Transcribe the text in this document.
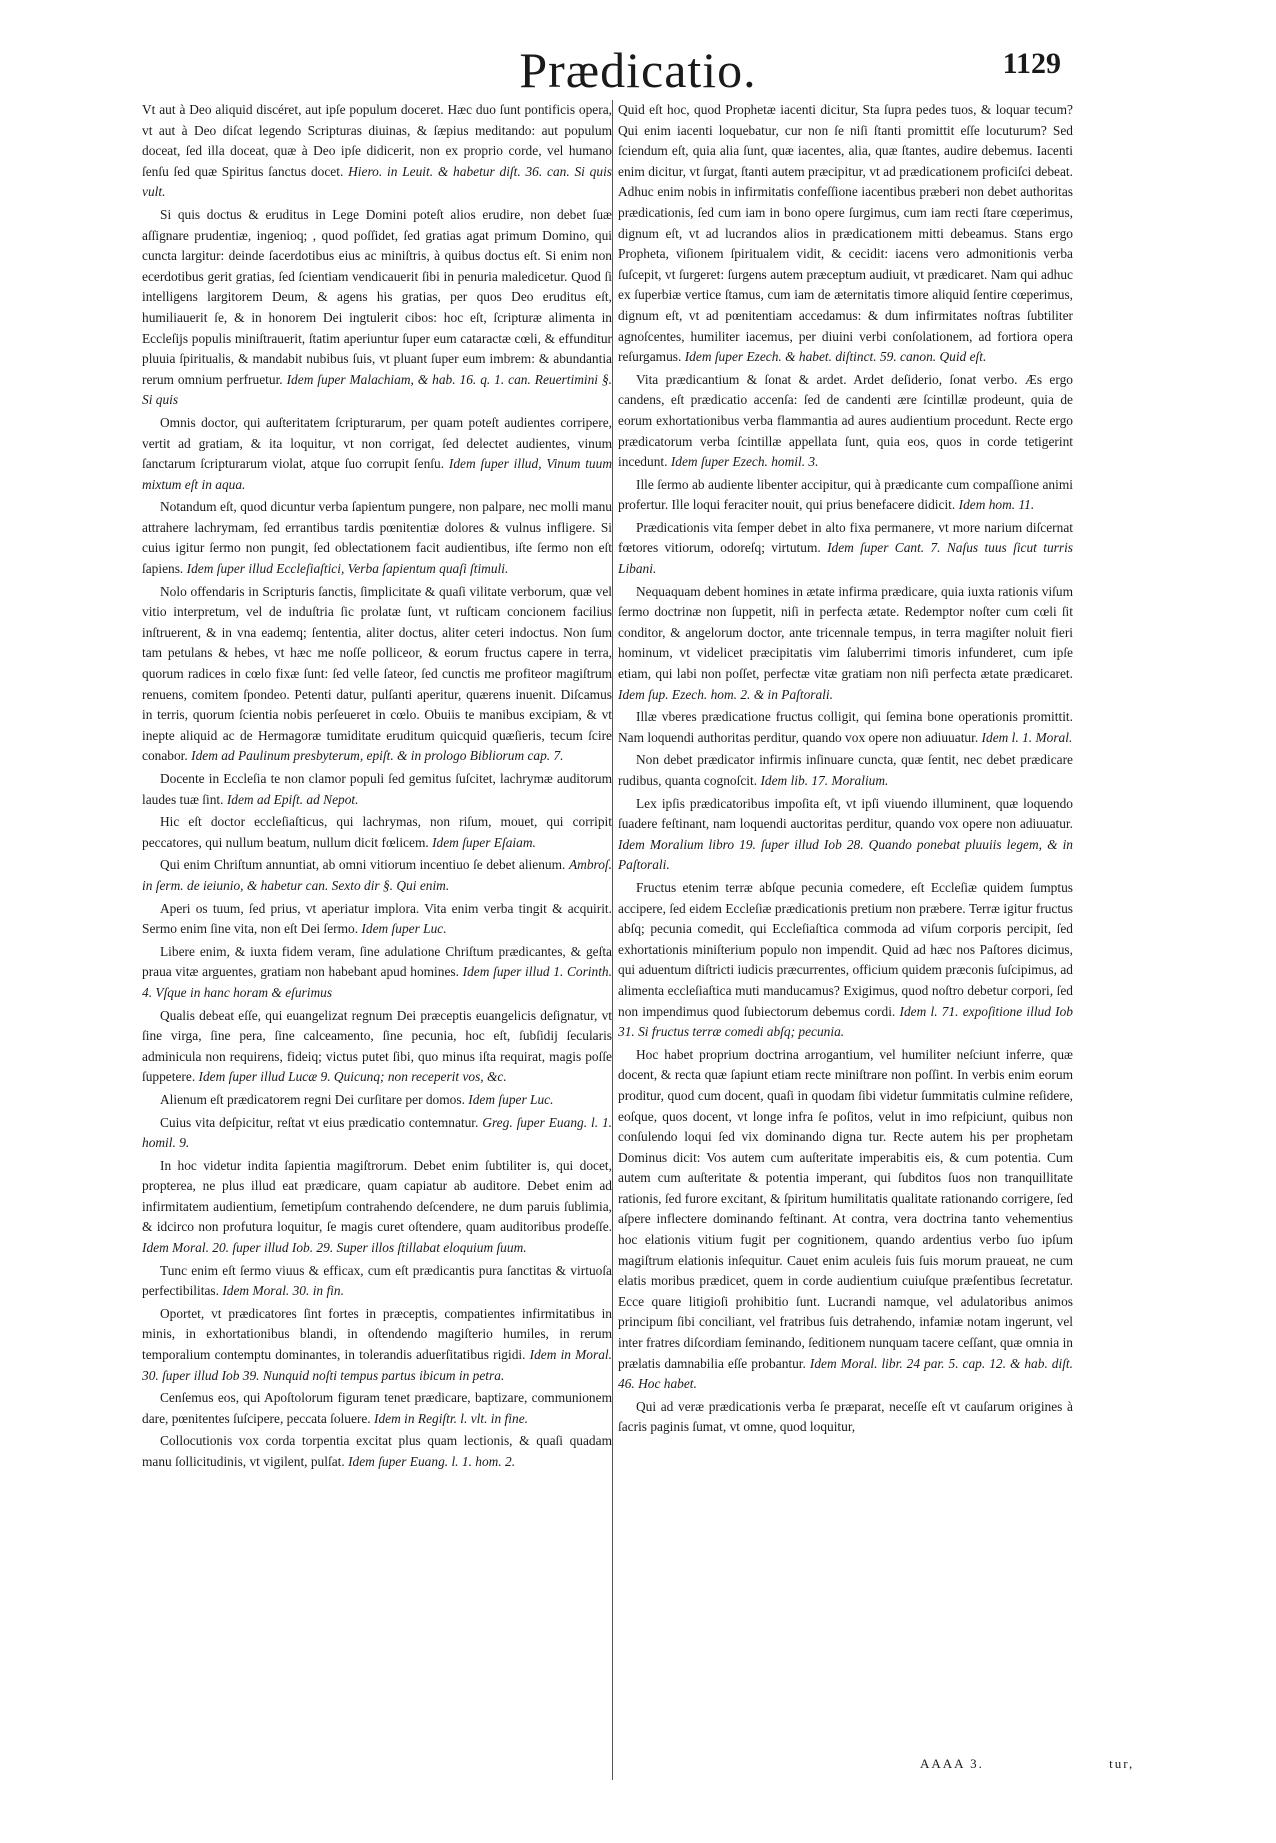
Prædicatio.	1129

Vt aut à Deo aliquid discéret, aut ipſe populum doceret. Hæc duo ſunt pontificis opera, vt aut à Deo diſcat legendo Scripturas diuinas, & ſæpius meditando: aut populum doceat, ſed illa doceat, quæ à Deo ipſe didicerit, non ex proprio corde, vel humano ſenſu ſed quæ Spiritus ſanctus docet. Hiero. in Leuit. & habetur diſt. 36. can. Si quis vult.

Si quis doctus & eruditus in Lege Domini poteſt alios erudire, non debet ſuæ aſſignare prudentiæ, ingenioq; , quod poſſidet, ſed gratias agat primum Domino, qui cuncta largitur: deinde ſacerdotibus eius ac miniſtris, à quibus doctus eſt. Si enim non ecerdotibus gerit gratias, ſed ſcientiam vendicauerit ſibi in penuria maledicetur. Quod ſi intelligens largitorem Deum, & agens his gratias, per quos Deo eruditus eſt, humiliauerit ſe, & in honorem Dei ingtulerit cibos: hoc eſt, ſcripturæ alimenta in Eccleſijs populis miniſtrauerit, ſtatim aperiuntur ſuper eum cataractæ cœli, & effunditur pluuia ſpiritualis, & mandabit nubibus ſuis, vt pluant ſuper eum imbrem: & abundantia rerum omnium perfruetur. Idem ſuper Malachiam, & hab. 16. q. 1. can. Reuertimini §. Si quis

Omnis doctor, qui auſteritatem ſcripturarum, per quam poteſt audientes corripere, vertit ad gratiam, & ita loquitur, vt non corrigat, ſed delectet audientes, vinum ſanctarum ſcripturarum violat, atque ſuo corrupit ſenſu. Idem ſuper illud, Vinum tuum mixtum eſt in aqua.

Notandum eſt, quod dicuntur verba ſapientum pungere, non palpare, nec molli manu attrahere lachrymam, ſed errantibus tardis pœnitentiæ dolores & vulnus infligere. Si cuius igitur ſermo non pungit, ſed oblectationem facit audientibus, iſte ſermo non eſt ſapiens. Idem ſuper illud Eccleſiaſtici, Verba ſapientum quaſi ſtimuli.

Nolo offendaris in Scripturis ſanctis, ſimplicitate & quaſi vilitate verborum, quæ vel vitio interpretum, vel de induſtria ſic prolatæ ſunt, vt ruſticam concionem facilius inſtruerent, & in vna eademq; ſententia, aliter doctus, aliter ceteri indoctus. Non ſum tam petulans & hebes, vt hæc me noſſe polliceor, & eorum fructus capere in terra, quorum radices in cœlo fixæ ſunt: ſed velle ſateor, ſed cunctis me profiteor magiſtrum renuens, comitem ſpondeo. Petenti datur, pulſanti aperitur, quærens inuenit. Diſcamus in terris, quorum ſcientia nobis perſeueret in cœlo. Obuiis te manibus excipiam, & vt inepte aliquid ac de Hermagoræ tumiditate eruditum quicquid quæſieris, tecum ſcire conabor. Idem ad Paulinum presbyterum, epiſt. & in prologo Bibliorum cap. 7.

Docente in Eccleſia te non clamor populi ſed gemitus ſuſcitet, lachrymæ auditorum laudes tuæ ſint. Idem ad Epiſt. ad Nepot.

Hic eſt doctor eccleſiaſticus, qui lachrymas, non riſum, mouet, qui corripit peccatores, qui nullum beatum, nullum dicit fœlicem. Idem ſuper Eſaiam.

Qui enim Chriſtum annuntiat, ab omni vitiorum incentiuo ſe debet alienum. Ambroſ. in ſerm. de ieiunio, & habetur can. Sexto dir §. Qui enim.

Aperi os tuum, ſed prius, vt aperiatur implora. Vita enim verba tingit & acquirit. Sermo enim ſine vita, non eſt Dei ſermo. Idem ſuper Luc.

Libere enim, & iuxta fidem veram, ſine adulatione Chriſtum prædicantes, & geſta praua vitæ arguentes, gratiam non habebant apud homines. Idem ſuper illud 1. Corinth. 4. Vſque in hanc horam & eſurimus

Qualis debeat eſſe, qui euangelizat regnum Dei præceptis euangelicis deſignatur, vt ſine virga, ſine pera, ſine calceamento, ſine pecunia, hoc eſt, ſubſidij ſecularis adminicula non requirens, fideiq; victus putet ſibi, quo minus iſta requirat, magis poſſe ſuppetere. Idem ſuper illud Lucæ 9. Quicunq; non receperit vos, &c.

Alienum eſt prædicatorem regni Dei curſitare per domos. Idem ſuper Luc.

Cuius vita deſpicitur, reſtat vt eius prædicatio contemnatur. Greg. ſuper Euang. l. 1. homil. 9.

In hoc videtur indita ſapientia magiſtrorum. Debet enim ſubtiliter is, qui docet, propterea, ne plus illud eat prædicare, quam capiatur ab auditore. Debet enim ad infirmitatem audientium, ſemetipſum contrahendo deſcendere, ne dum paruis ſublimia, & idcirco non profutura loquitur, ſe magis curet oſtendere, quam auditoribus prodeſſe. Idem Moral. 20. ſuper illud Iob. 29. Super illos ſtillabat eloquium ſuum.

Tunc enim eſt ſermo viuus & efficax, cum eſt prædicantis pura ſanctitas & virtuoſa perfectibilitas. Idem Moral. 30. in fin.

Oportet, vt prædicatores ſint fortes in præceptis, compatientes infirmitatibus in minis, in exhortationibus blandi, in oſtendendo magiſterio humiles, in rerum temporalium contemptu dominantes, in tolerandis aduerſitatibus rigidi. Idem in Moral. 30. ſuper illud Iob 39. Nunquid noſti tempus partus ibicum in petra.

Cenſemus eos, qui Apoſtolorum figuram tenet prædicare, baptizare, communionem dare, pœnitentes ſuſcipere, peccata ſoluere. Idem in Regiſtr. l. vlt. in fine.

Collocutionis vox corda torpentia excitat plus quam lectionis, & quaſi quadam manu ſollicitudinis, vt vigilent, pulſat. Idem ſuper Euang. l. 1. hom. 2.

Quid eſt hoc, quod Prophetæ iacenti dicitur, Sta ſupra pedes tuos, & loquar tecum? Qui enim iacenti loquebatur, cur non ſe niſi ſtanti promittit eſſe locuturum? Sed ſciendum eſt, quia alia ſunt, quæ iacentes, alia, quæ ſtantes, audire debemus. Iacenti enim dicitur, vt ſurgat, ſtanti autem præcipitur, vt ad prædicationem proficiſci debeat. Adhuc enim nobis in infirmitatis confeſſione iacentibus præberi non debet authoritas prædicationis, ſed cum iam in bono opere ſurgimus, cum iam recti ſtare cœperimus, dignum eſt, vt ad lucrandos alios in prædicationem mitti debeamus. Stans ergo Propheta, viſionem ſpiritualem vidit, & cecidit: iacens vero admonitionis verba ſuſcepit, vt ſurgeret: ſurgens autem præceptum audiuit, vt prædicaret. Nam qui adhuc ex ſuperbiæ vertice ſtamus, cum iam de æternitatis timore aliquid ſentire cœperimus, dignum eſt, vt ad pœnitentiam accedamus: & dum infirmitates noſtras ſubtiliter agnoſcentes, humiliter iacemus, per diuini verbi conſolationem, ad fortiora opera reſurgamus. Idem ſuper Ezech. & habet. diſtinct. 59. canon. Quid eſt.

Vita prædicantium & ſonat & ardet. Ardet deſiderio, ſonat verbo. Æs ergo candens, eſt prædicatio accenſa: ſed de candenti ære ſcintillæ prodeunt, quia de eorum exhortationibus verba flammantia ad aures audientium procedunt. Recte ergo prædicatorum verba ſcintillæ appellata ſunt, quia eos, quos in corde tetigerint incedunt. Idem ſuper Ezech. homil. 3.

Ille ſermo ab audiente libenter accipitur, qui à prædicante cum compaſſione animi profertur. Ille loqui feraciter nouit, qui prius benefacere didicit. Idem hom. 11.

Prædicationis vita ſemper debet in alto fixa permanere, vt more narium diſcernat fœtores vitiorum, odoreſq; virtutum. Idem ſuper Cant. 7. Naſus tuus ſicut turris Libani.

Nequaquam debent homines in ætate infirma prædicare, quia iuxta rationis viſum ſermo doctrinæ non ſuppetit, niſi in perfecta ætate. Redemptor noſter cum cœli ſit conditor, & angelorum doctor, ante tricennale tempus, in terra magiſter noluit fieri hominum, vt videlicet præcipitatis vim ſaluberrimi timoris infunderet, cum ipſe etiam, qui labi non poſſet, perfectæ vitæ gratiam non niſi perfecta ætate prædicaret. Idem ſup. Ezech. hom. 2. & in Paſtorali.

Illæ vberes prædicatione fructus colligit, qui ſemina bone operationis promittit. Nam loquendi authoritas perditur, quando vox opere non adiuuatur. Idem l. 1. Moral.

Non debet prædicator infirmis inſinuare cuncta, quæ ſentit, nec debet prædicare rudibus, quanta cognoſcit. Idem lib. 17. Moralium.

Lex ipſis prædicatoribus impoſita eſt, vt ipſi viuendo illuminent, quæ loquendo ſuadere feſtinant, nam loquendi auctoritas perditur, quando vox opere non adiuuatur. Idem Moralium libro 19. ſuper illud Iob 28. Quando ponebat pluuiis legem, & in Paſtorali.

Fructus etenim terræ abſque pecunia comedere, eſt Eccleſiæ quidem ſumptus accipere, ſed eidem Eccleſiæ prædicationis pretium non præbere. Terræ igitur fructus abſq; pecunia comedit, qui Eccleſiaſtica commoda ad viſum corporis percipit, ſed exhortationis miniſterium populo non impendit. Quid ad hæc nos Paſtores dicimus, qui aduentum diſtricti iudicis præcurrentes, officium quidem præconis ſuſcipimus, ad alimenta eccleſiaſtica muti manducamus? Exigimus, quod noſtro debetur corpori, ſed non impendimus quod ſubiectorum debemus cordi. Idem l. 71. expoſitione illud Iob 31. Si fructus terræ comedi abſq; pecunia.

Hoc habet proprium doctrina arrogantium, vel humiliter neſciunt inferre, quæ docent, & recta quæ ſapiunt etiam recte miniſtrare non poſſint. In verbis enim eorum proditur, quod cum docent, quaſi in quodam ſibi videtur ſummitatis culmine reſidere, eoſque, quos docent, vt longe infra ſe poſitos, velut in imo reſpiciunt, quibus non conſulendo loqui ſed vix dominando digna tur. Recte autem his per prophetam Dominus dicit: Vos autem cum auſteritate imperabitis eis, & cum potentia. Cum autem cum auſteritate & potentia imperant, qui ſubditos ſuos non tranquillitate rationis, ſed furore excitant, & ſpiritum humilitatis qualitate rationando corrigere, ſed aſpere inflectere dominando feſtinant. At contra, vera doctrina tanto vehementius hoc elationis vitium fugit per cognitionem, quando ardentius verbo ſuo ipſum magiſtrum elationis inſequitur. Cauet enim aculeis ſuis ſuis morum praueat, ne cum elatis moribus prædicet, quem in corde audientium cuiuſque præſentibus ſecretatur. Ecce quare litigioſi prohibitio ſunt. Lucrandi namque, vel adulatoribus animos principum ſibi conciliant, vel fratribus ſuis detrahendo, infamiæ notam ingerunt, vel inter fratres diſcordiam ſeminando, ſeditionem nunquam tacere ceſſant, quæ omnia in prælatis damnabilia eſſe probantur. Idem Moral. libr. 24 par. 5. cap. 12. & hab. diſt. 46. Hoc habet.

Qui ad veræ prædicationis verba ſe præparat, neceſſe eſt vt cauſarum origines à ſacris paginis ſumat, vt omne, quod loquitur,

AAAA 3.	tur,
